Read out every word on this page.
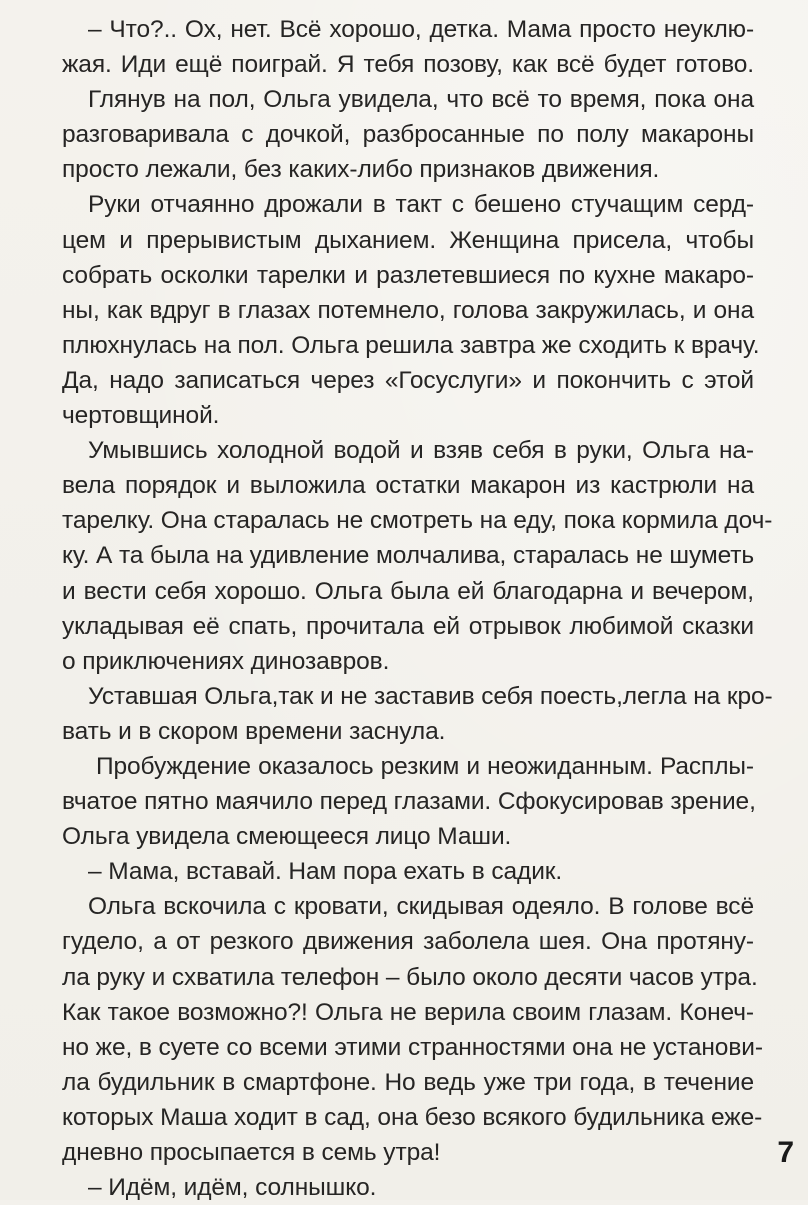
– Что?.. Ох, нет. Всё хорошо, детка. Мама просто неуклю-
жая. Иди ещё поиграй. Я тебя позову, как всё будет готово.
Глянув на пол, Ольга увидела, что всё то время, пока она
разговаривала с дочкой, разбросанные по полу макароны
просто лежали, без каких-либо признаков движения.
Руки отчаянно дрожали в такт с бешено стучащим серд-
цем и прерывистым дыханием. Женщина присела, чтобы
собрать осколки тарелки и разлетевшиеся по кухне макаро-
ны, как вдруг в глазах потемнело, голова закружилась, и она
плюхнулась на пол. Ольга решила завтра же сходить к врачу.
Да, надо записаться через «Госуслуги» и покончить с этой
чертовщиной.
Умывшись холодной водой и взяв себя в руки, Ольга на-
вела порядок и выложила остатки макарон из кастрюли на
тарелку. Она старалась не смотреть на еду, пока кормила доч-
ку. А та была на удивление молчалива, старалась не шуметь
и вести себя хорошо. Ольга была ей благодарна и вечером,
укладывая её спать, прочитала ей отрывок любимой сказки
о приключениях динозавров.
Уставшая Ольга,так и не заставив себя поесть,легла на кро-
вать и в скором времени заснула.
Пробуждение оказалось резким и неожиданным. Расплы-
вчатое пятно маячило перед глазами. Сфокусировав зрение,
Ольга увидела смеющееся лицо Маши.
– Мама, вставай. Нам пора ехать в садик.
Ольга вскочила с кровати, скидывая одеяло. В голове всё
гудело, а от резкого движения заболела шея. Она протяну-
ла руку и схватила телефон – было около десяти часов утра.
Как такое возможно?! Ольга не верила своим глазам. Конеч-
но же, в суете со всеми этими странностями она не установи-
ла будильник в смартфоне. Но ведь уже три года, в течение
которых Маша ходит в сад, она безо всякого будильника еже-
дневно просыпается в семь утра!
– Идём, идём, солнышко.
7
